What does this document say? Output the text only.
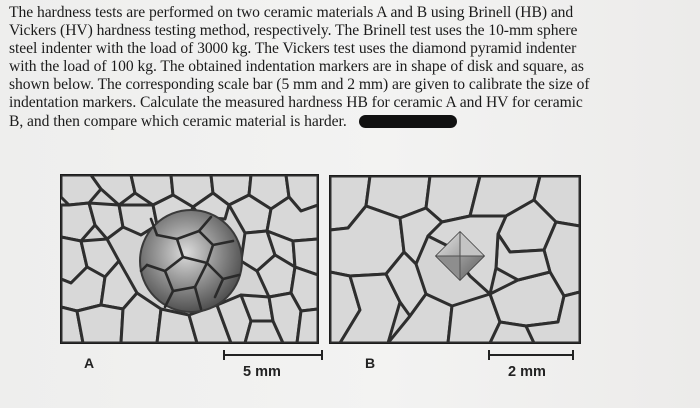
The hardness tests are performed on two ceramic materials A and B using Brinell (HB) and
Vickers (HV) hardness testing method, respectively. The Brinell test uses the 10-mm sphere
steel indenter with the load of 3000 kg. The Vickers test uses the diamond pyramid indenter
with the load of 100 kg. The obtained indentation markers are in shape of disk and square, as
shown below. The corresponding scale bar (5 mm and 2 mm) are given to calibrate the size of
indentation markers. Calculate the measured hardness HB for ceramic A and HV for ceramic
B, and then compare which ceramic material is harder.
A
5 mm
B
2 mm
